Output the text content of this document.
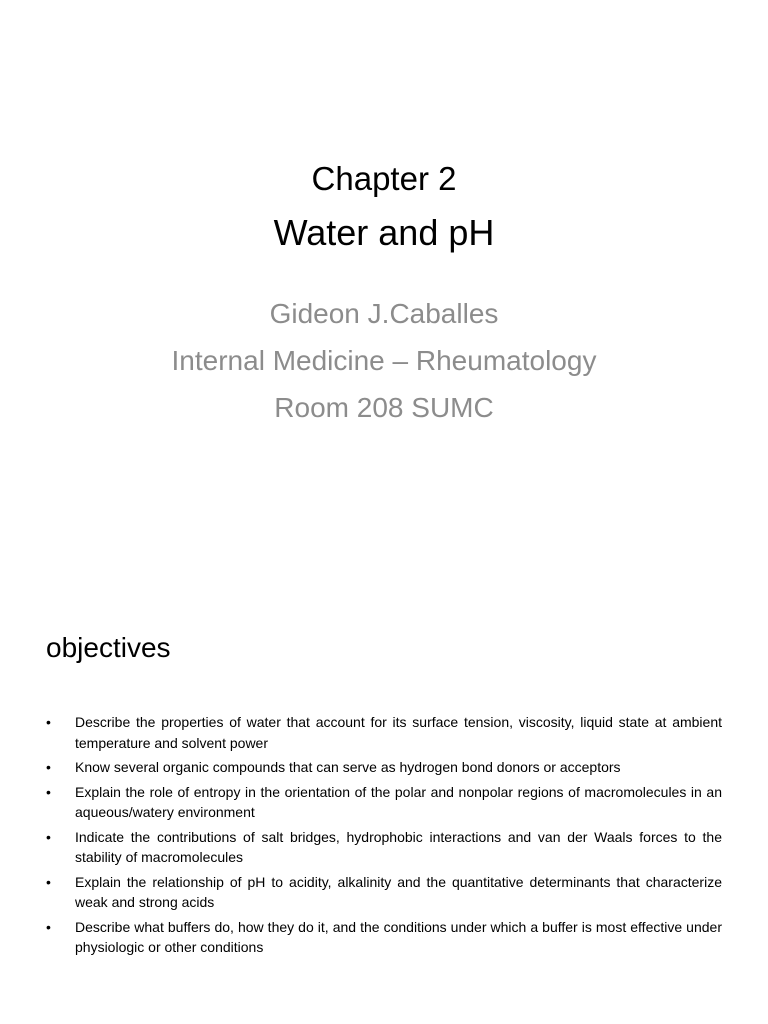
Chapter 2
Water and pH
Gideon J.Caballes
Internal Medicine – Rheumatology
Room 208 SUMC
objectives
• Describe the properties of water that account for its surface tension, viscosity, liquid state at ambient temperature and solvent power
• Know several organic compounds that can serve as hydrogen bond donors or acceptors
• Explain the role of entropy in the orientation of the polar and nonpolar regions of macromolecules in an aqueous/watery environment
• Indicate the contributions of salt bridges, hydrophobic interactions and van der Waals forces to the stability of macromolecules
• Explain the relationship of pH to acidity, alkalinity and the quantitative determinants that characterize weak and strong acids
• Describe what buffers do, how they do it, and the conditions under which a buffer is most effective under physiologic or other conditions
